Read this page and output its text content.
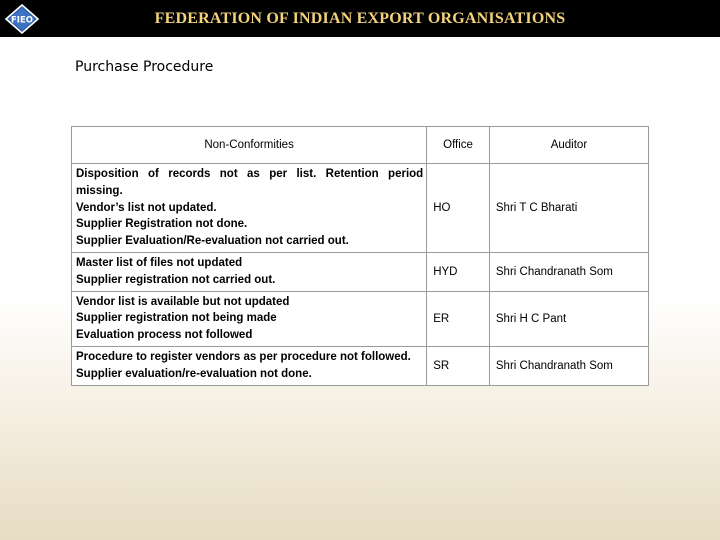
FIEO	FEDERATION OF INDIAN EXPORT ORGANISATIONS
Purchase Procedure
Non-Conformities	Office	Auditor

Disposition of records not as per list. Retention period missing.
Vendor’s list not updated.
Supplier Registration not done.
Supplier Evaluation/Re-evaluation not carried out.	HO	Shri T C Bharati

Master list of files not updated
Supplier registration not carried out.	HYD	Shri Chandranath Som

Vendor list is available but not updated
Supplier registration not being made
Evaluation process not followed	ER	Shri H C Pant

Procedure to register vendors as per procedure not followed.
Supplier evaluation/re-evaluation not done.	SR	Shri Chandranath Som
